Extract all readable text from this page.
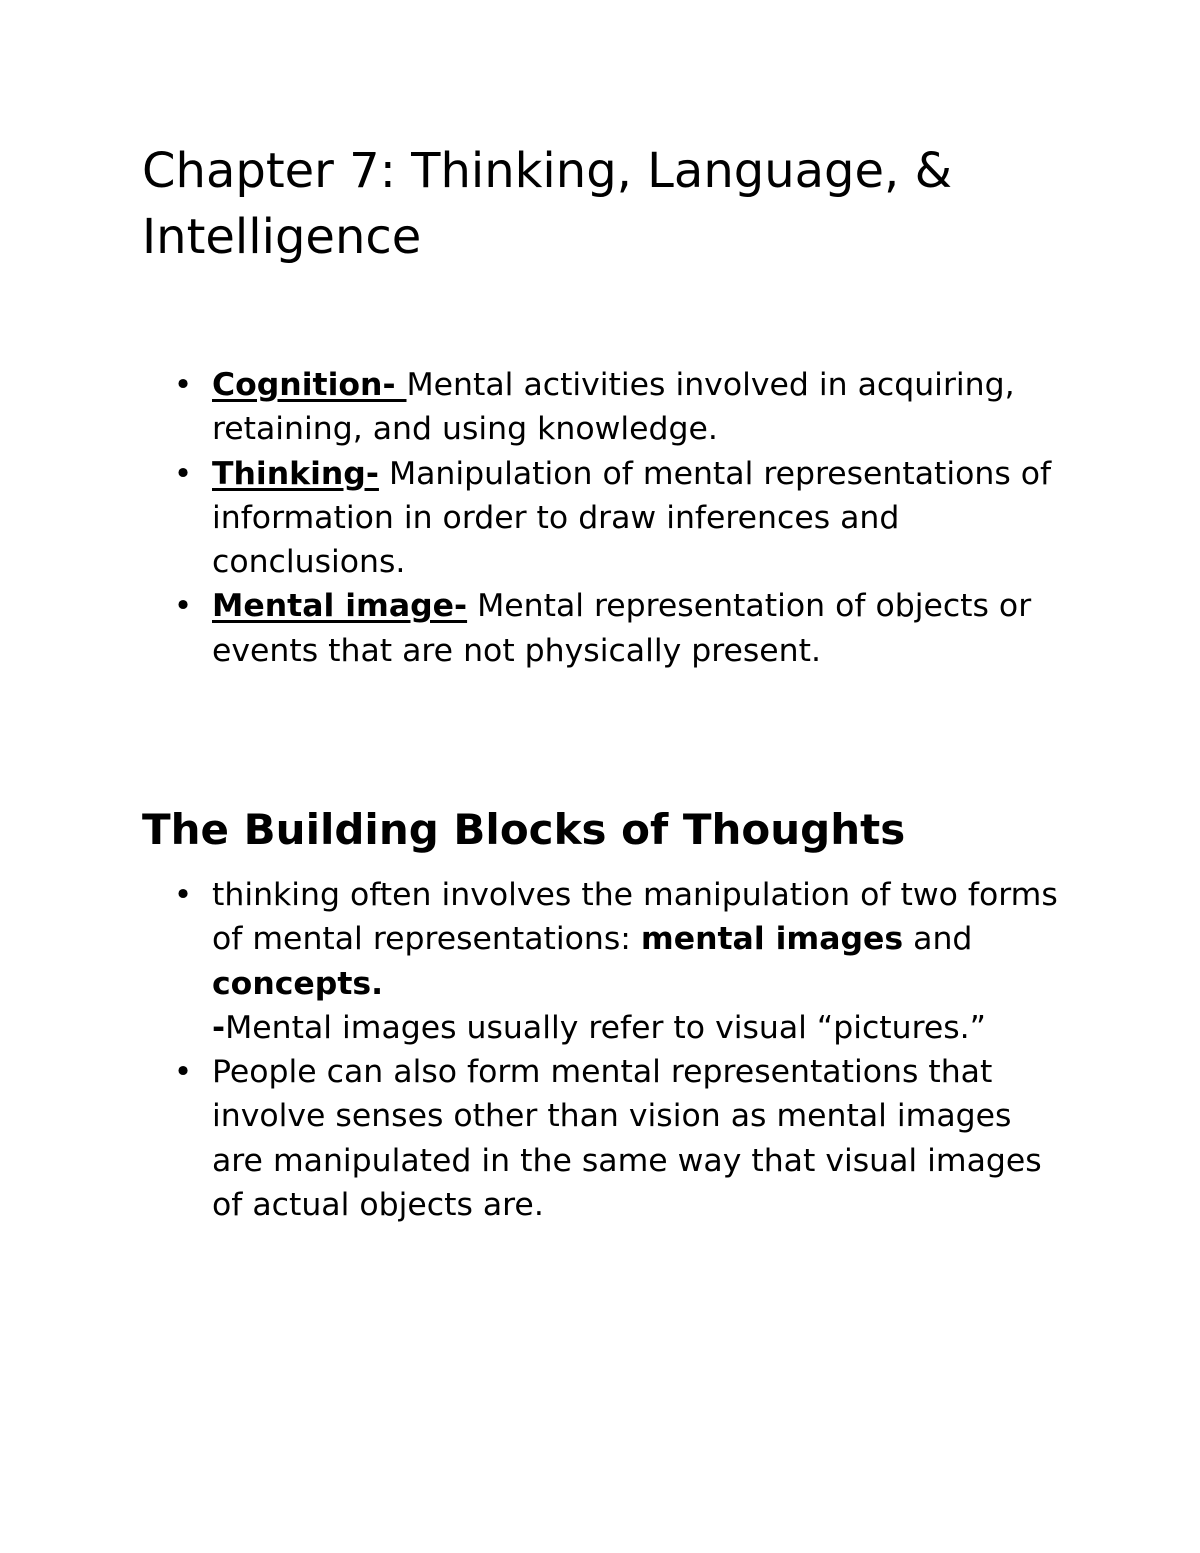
Chapter 7: Thinking, Language, & Intelligence
• Cognition- Mental activities involved in acquiring, retaining, and using knowledge.
• Thinking- Manipulation of mental representations of information in order to draw inferences and conclusions.
• Mental image- Mental representation of objects or events that are not physically present.
The Building Blocks of Thoughts
• thinking often involves the manipulation of two forms of mental representations: mental images and concepts.
-Mental images usually refer to visual “pictures.”
• People can also form mental representations that involve senses other than vision as mental images are manipulated in the same way that visual images of actual objects are.
